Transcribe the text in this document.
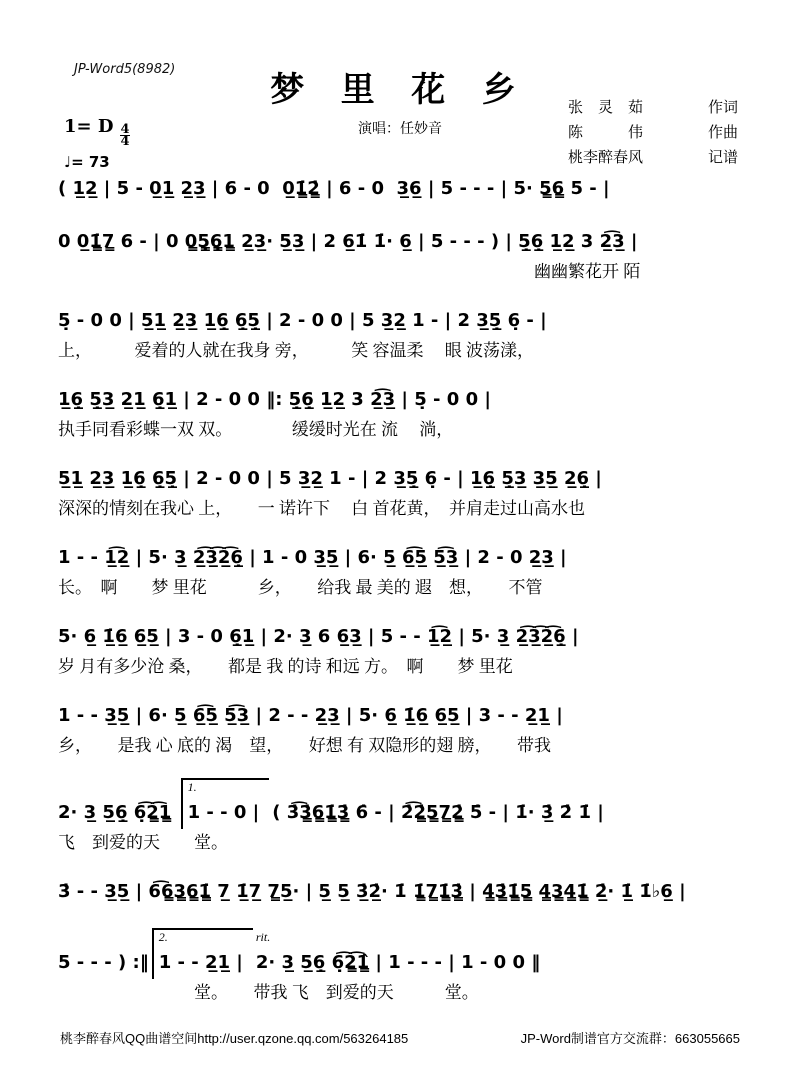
JP-Word5(8982)
梦 里 花 乡
演唱：任妙音
1= D $\frac{4}{4}$
♩= 73
张　灵　茹	作词
陈　　　伟	作曲
桃李醉春风	记谱
( 1̲2̲ | 5 - 0̲1̲ 2̲3̲ | 6 - 0  0̲1̳̇2̳̇ | 6 - 0  3̲6̲ | 5 - - - | 5· 5̳6̳ 5 - |
0 0̲1̳̇7̳ 6 - | 0 0̳5̳̣6̳̣1̳ 2̲3̲· 5̲3̲ | 2 6̲1̇ 1̇· 6̲ | 5 - - - ) | 5̲̣6̲̣ 1̲2̲ 3 2̲͡3̲ |
　　　　　　　　　　　　　　　　　　　　　　　　　　　　幽幽繁花开 陌
5̣ - 0 0 | 5̲1̲ 2̲3̲ 1̲6̲̣ 6̲̣5̲̣ | 2 - 0 0 | 5 3̲2̲ 1 - | 2 3̲5̲̣ 6̣ - |
上，　　　爱着的人就在我身 旁，　　　笑 容温柔　 眼 波荡漾，
1̲6̲̣ 5̲̣3̲ 2̲1̲ 6̲̣1̲ | 2 - 0 0 ‖: 5̲̣6̲̣ 1̲2̲ 3 2̲͡3̲ | 5̣ - 0 0 |
执手同看彩蝶一双 双。　　　　缓缓时光在 流　 淌，
5̲1̲ 2̲3̲ 1̲6̲̣ 6̲̣5̲̣ | 2 - 0 0 | 5 3̲2̲ 1 - | 2 3̲5̲̣ 6̣ - | 1̲6̲̣ 5̲̣3̲ 3̲5̲ 2̲6̲̣ |
深深的情刻在我心 上，　　一 诺许下　 白 首花黄，　并肩走过山高水也
1 - - 1̲͡2̲ | 5· 3̲ 2̲͡3̲͡2̲͡6̲̣ | 1 - 0 3̲5̲ | 6· 5̲ 6̲͡5̲ 5̲͡3̲ | 2 - 0 2̲3̲ |
长。　啊　　梦 里花　　　乡，　　给我 最 美的 遐　想，　　不管
5· 6̲ 1̲̇6̲ 6̲5̲ | 3 - 0 6̲̣1̲ | 2· 3̲ 6 6̲3̲ | 5 - - 1̲͡2̲ | 5· 3̲ 2̲͡3̲͡2̲͡6̲̣ |
岁 月有多少沧 桑，　　都是 我 的诗 和远 方。　啊　　梦 里花
1 - - 3̲5̲ | 6· 5̲ 6̲͡5̲ 5̲͡3̲ | 2 - - 2̲3̲ | 5· 6̲ 1̲̇6̲ 6̲5̲ | 3 - - 2̲1̲ |
乡，　　是我 心 底的 渴　望，　　好想 有 双隐形的翅 膀，　　带我
2· 3̲ 5̲6̲̣ 6̣͡2̳͡1̳
1.
1 - - 0 | ( 3̇͡3̳̇6̳1̳̇3̳̇ 6̇ - | 2̇͡2̳̇5̳7̳2̳̇ 5̇ - | 1̇· 3̲̇ 2̇ 1̇ |
飞　到爱的天　　堂。
3̇ - - 3̲5̲ | 6͡6̳3̳6̳1̳̇ 7̲ 1̲̇7̲ 7̳5̲· | 5̲ 5̲ 3̲̇2̲̇· 1̇ 1̳̇7̳1̳̇3̳̇ | 4̳̇3̳̇1̳̇5̳ 4̳3̳4̳1̳̇ 2̲̇· 1̲̇ 1̇♭6̲ |
5 - - - ) :‖
2.
1 - - 2̲1̲ |
rit.
2· 3̲ 5̲6̲̣ 6̣͡2̳͡1̳̂ | 1 - - - | 1 - 0 0 ‖
　　　　　　　　堂。　　带我 飞　到爱的天　　　堂。
桃李醉春风QQ曲谱空间http://user.qzone.qq.com/563264185	JP-Word制谱官方交流群：663055665
